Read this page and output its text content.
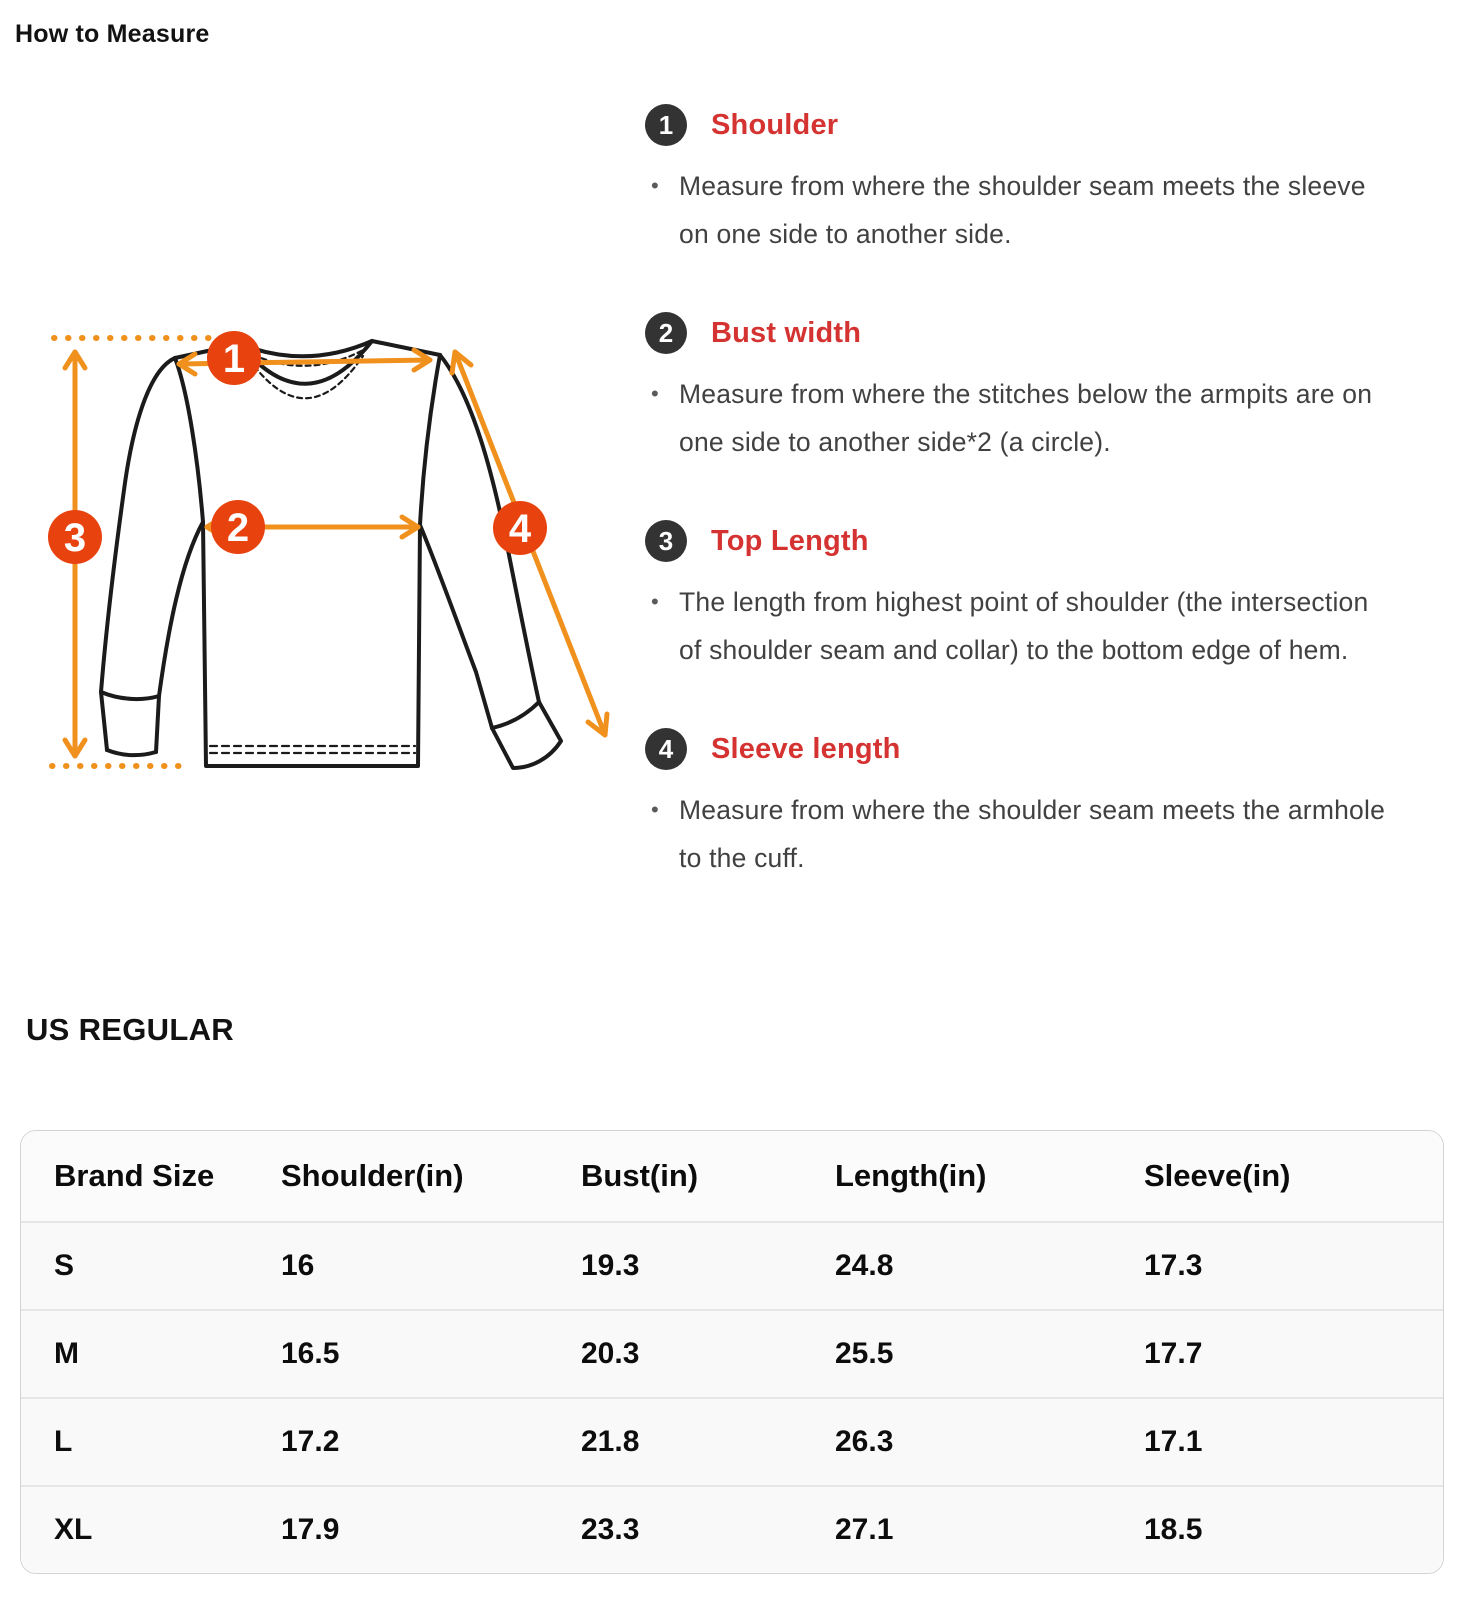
How to Measure
1
2
3	4
1	Shoulder
• Measure from where the shoulder seam meets the sleeve on one side to another side.
2	Bust width
• Measure from where the stitches below the armpits are on one side to another side*2 (a circle).
3	Top Length
• The length from highest point of shoulder (the intersection of shoulder seam and collar) to the bottom edge of hem.
4	Sleeve length
• Measure from where the shoulder seam meets the armhole to the cuff.
US REGULAR
Brand Size	Shoulder(in)	Bust(in)	Length(in)	Sleeve(in)
S	16	19.3	24.8	17.3
M	16.5	20.3	25.5	17.7
L	17.2	21.8	26.3	17.1
XL	17.9	23.3	27.1	18.5
